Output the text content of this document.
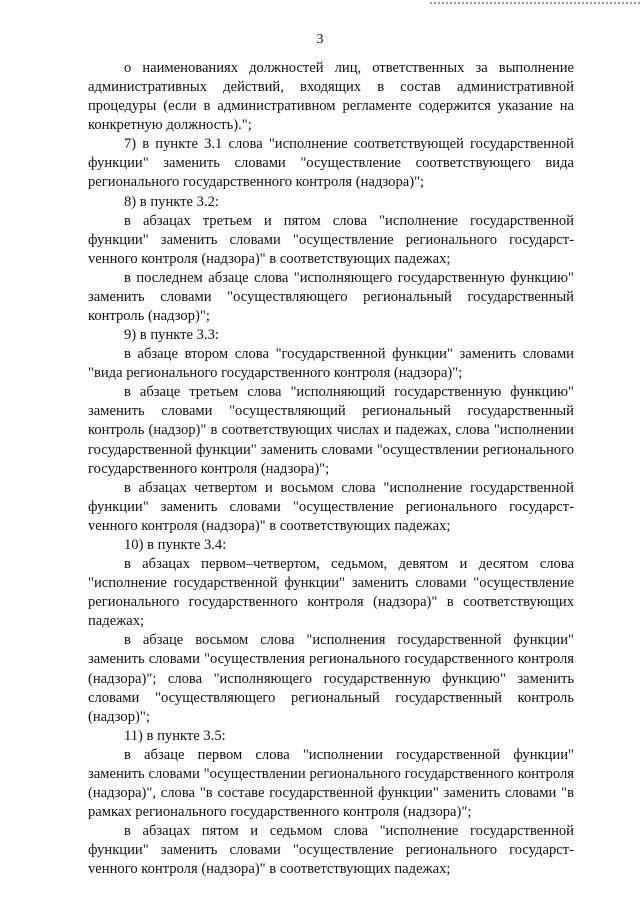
3

о наименованиях должностей лиц, ответственных за выполнение административных действий, входящих в состав административной процедуры (если в административном регламенте содержится указание на конкретную должность).";

7) в пункте 3.1 слова "исполнение соответствующей государственной функции" заменить словами "осуществление соответствующего вида регионального государственного контроля (надзора)";

8) в пункте 3.2:

в абзацах третьем и пятом слова "исполнение государственной функции" заменить словами "осуществление регионального государстvенного контроля (надзора)" в соответствующих падежах;

в последнем абзаце слова "исполняющего государственную функцию" заменить словами "осуществляющего региональный государственный контроль (надзор)";

9) в пункте 3.3:

в абзаце втором слова "государственной функции" заменить словами "вида регионального государственного контроля (надзора)";

в абзаце третьем слова "исполняющий государственную функцию" заменить словами "осуществляющий региональный государственный контроль (надзор)" в соответствующих числах и падежах, слова "исполнении государственной функции" заменить словами "осуществлении регионального государственного контроля (надзора)";

в абзацах четвертом и восьмом слова "исполнение государственной функции" заменить словами "осуществление регионального государстvенного контроля (надзора)" в соответствующих падежах;

10) в пункте 3.4:

в абзацах первом–четвертом, седьмом, девятом и десятом слова "исполнение государственной функции" заменить словами "осуществление регионального государственного контроля (надзора)" в соответствующих падежах;

в абзаце восьмом слова "исполнения государственной функции" заменить словами "осуществления регионального государственного контроля (надзора)"; слова "исполняющего государственную функцию" заменить словами "осуществляющего региональный государственный контроль (надзор)";

11) в пункте 3.5:

в абзаце первом слова "исполнении государственной функции" заменить словами "осуществлении регионального государственного контроля (надзора)", слова "в составе государственной функции" заменить словами "в рамках регионального государственного контроля (надзора)";

в абзацах пятом и седьмом слова "исполнение государственной функции" заменить словами "осуществление регионального государстvенного контроля (надзора)" в соответствующих падежах;
